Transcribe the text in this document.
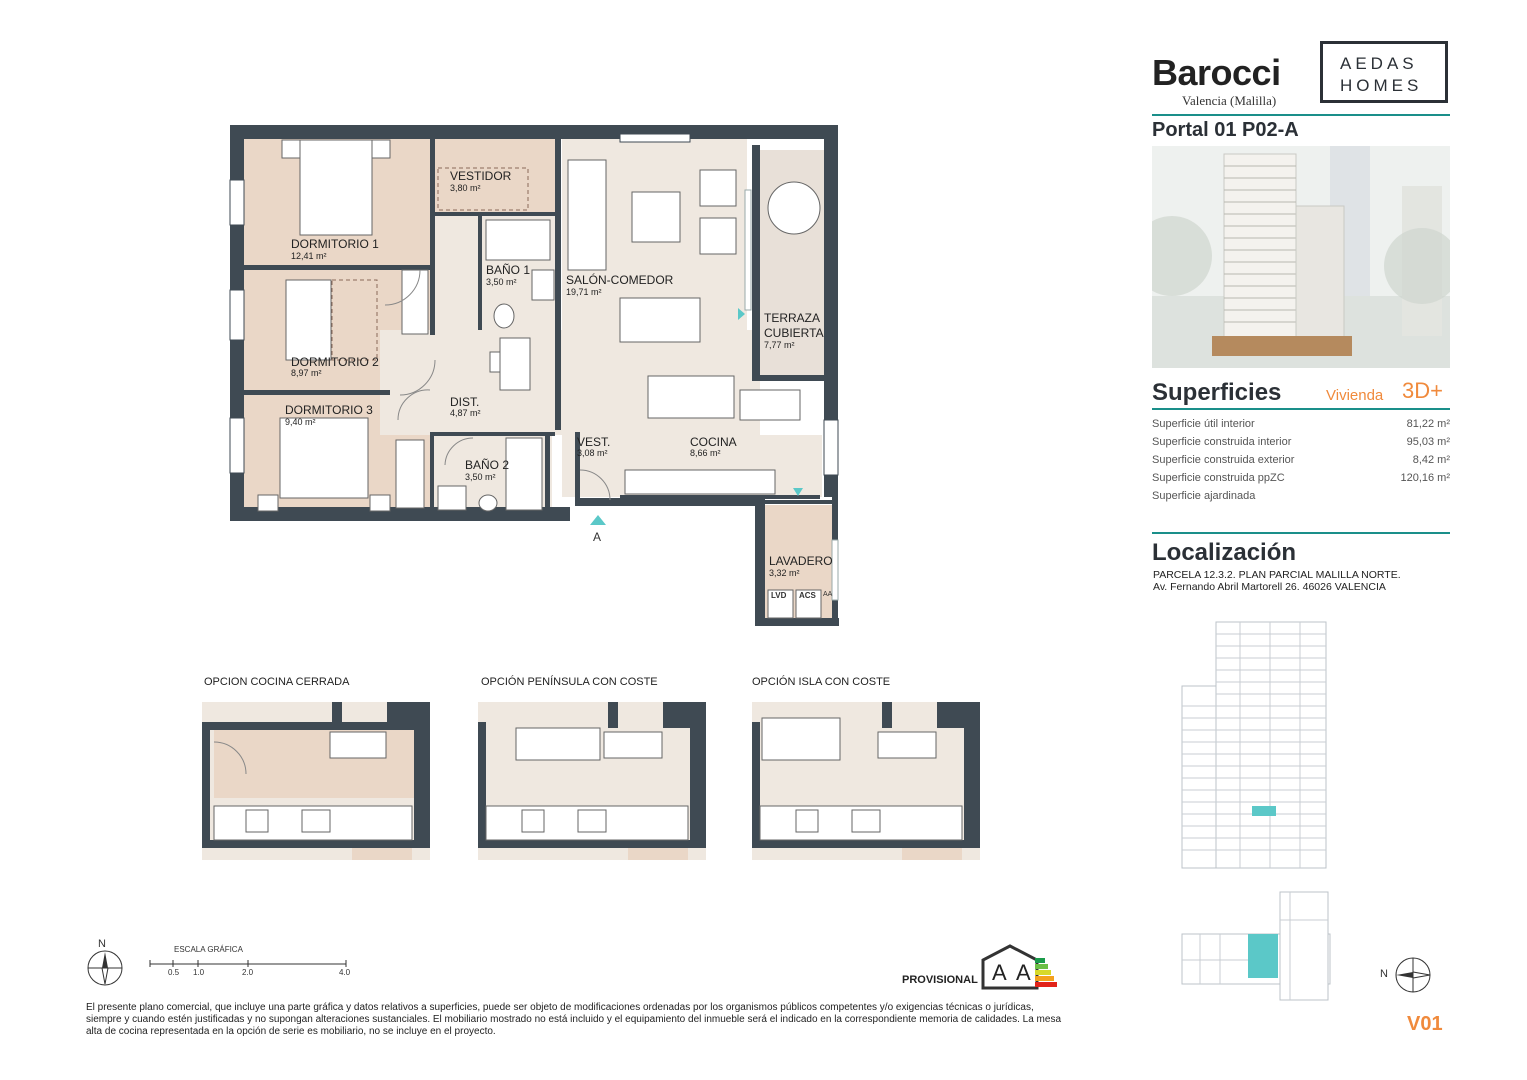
VESTIDOR
3,80 m²
DORMITORIO 1
12,41 m²
BAÑO 1
3,50 m²	SALÓN-COMEDOR
19,71 m²
TERRAZA
CUBIERTA
7,77 m²
DORMITORIO 2
8,97 m²
DIST.
4,87 m²
DORMITORIO 3
9,40 m²
BAÑO 2
3,50 m²
VEST.
3,08 m²
COCINA
8,66 m²
LAVADERO
3,32 m²
A
LVD ACS AA
OPCION COCINA CERRADA	OPCIÓN PENÍNSULA CON COSTE	OPCIÓN ISLA CON COSTE
N	ESCALA GRÁFICA
0.5 1.0	2.0	4.0
PROVISIONAL A A
El presente plano comercial, que incluye una parte gráfica y datos relativos a superficies, puede ser objeto de modificaciones ordenadas por los organismos públicos competentes y/o exigencias técnicas o jurídicas, siempre y cuando estén justificadas y no supongan alteraciones sustanciales. El mobiliario mostrado no está incluido y el equipamiento del inmueble será el indicado en la correspondiente memoria de calidades. La mesa alta de cocina representada en la opción de serie es mobiliario, no se incluye en el proyecto.
Barocci
Valencia (Malilla)
AEDAS
HOMES
Portal 01 P02-A
Superficies	Vivienda 3D+
Superficie útil interior	81,22 m²
Superficie construida interior	95,03 m²
Superficie construida exterior	8,42 m²
Superficie construida ppZC	120,16 m²
Superficie ajardinada
Localización
PARCELA 12.3.2. PLAN PARCIAL MALILLA NORTE.
Av. Fernando Abril Martorell 26. 46026 VALENCIA
N
V01
